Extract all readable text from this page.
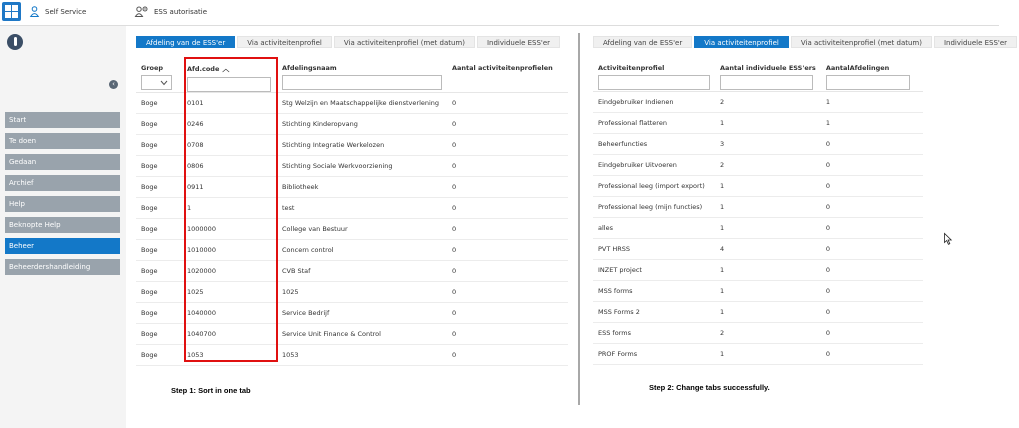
Self Service	ESS autorisatie
‹
Start
Te doen
Gedaan
Archief
Help
Beknopte Help
Beheer
Beheerdershandleiding
Afdeling van de ESS'er	Via activiteitenprofiel	Via activiteitenprofiel (met datum)	Individuele ESS'er
Groep	Afd.code ︿	Afdelingsnaam	Aantal activiteitenprofielen
Boge	0101	Stg Welzijn en Maatschappelijke dienstverlening	0
Boge	0246	Stichting Kinderopvang	0
Boge	0708	Stichting Integratie Werkelozen	0
Boge	0806	Stichting Sociale Werkvoorziening	0
Boge	0911	Bibliotheek	0
Boge	1	test	0
Boge	1000000	College van Bestuur	0
Boge	1010000	Concern control	0
Boge	1020000	CVB Staf	0
Boge	1025	1025	0
Boge	1040000	Service Bedrijf	0
Boge	1040700	Service Unit Finance & Control	0
Boge	1053	1053	0
Step 1: Sort in one tab	Step 2: Change tabs successfully.
Afdeling van de ESS'er	Via activiteitenprofiel	Via activiteitenprofiel (met datum)	Individuele ESS'er
Activiteitenprofiel	Aantal individuele ESS'ers	AantalAfdelingen

Eindgebruiker Indienen	2	1
Professional flatteren	1	1
Beheerfuncties	3	0
Eindgebruiker Uitvoeren	2	0
Professional leeg (import export)	1	0
Professional leeg (mijn functies)	1	0
alles	1	0
PVT HRSS	4	0
INZET project	1	0
MSS forms	1	0
MSS Forms 2	1	0
ESS forms	2	0
PROF Forms	1	0
